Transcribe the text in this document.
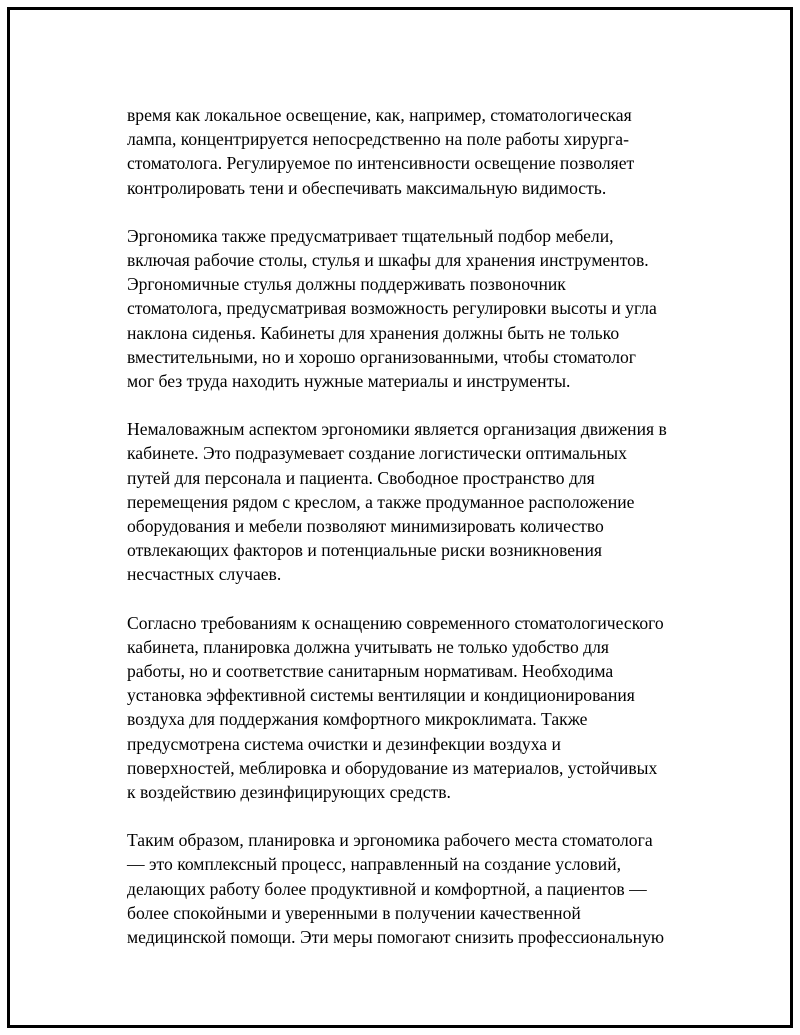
время как локальное освещение, как, например, стоматологическая
лампа, концентрируется непосредственно на поле работы хирурга-
стоматолога. Регулируемое по интенсивности освещение позволяет
контролировать тени и обеспечивать максимальную видимость.

Эргономика также предусматривает тщательный подбор мебели,
включая рабочие столы, стулья и шкафы для хранения инструментов.
Эргономичные стулья должны поддерживать позвоночник
стоматолога, предусматривая возможность регулировки высоты и угла
наклона сиденья. Кабинеты для хранения должны быть не только
вместительными, но и хорошо организованными, чтобы стоматолог
мог без труда находить нужные материалы и инструменты.

Немаловажным аспектом эргономики является организация движения в
кабинете. Это подразумевает создание логистически оптимальных
путей для персонала и пациента. Свободное пространство для
перемещения рядом с креслом, а также продуманное расположение
оборудования и мебели позволяют минимизировать количество
отвлекающих факторов и потенциальные риски возникновения
несчастных случаев.

Согласно требованиям к оснащению современного стоматологического
кабинета, планировка должна учитывать не только удобство для
работы, но и соответствие санитарным нормативам. Необходима
установка эффективной системы вентиляции и кондиционирования
воздуха для поддержания комфортного микроклимата. Также
предусмотрена система очистки и дезинфекции воздуха и
поверхностей, меблировка и оборудование из материалов, устойчивых
к воздействию дезинфицирующих средств.

Таким образом, планировка и эргономика рабочего места стоматолога
— это комплексный процесс, направленный на создание условий,
делающих работу более продуктивной и комфортной, а пациентов —
более спокойными и уверенными в получении качественной
медицинской помощи. Эти меры помогают снизить профессиональную
